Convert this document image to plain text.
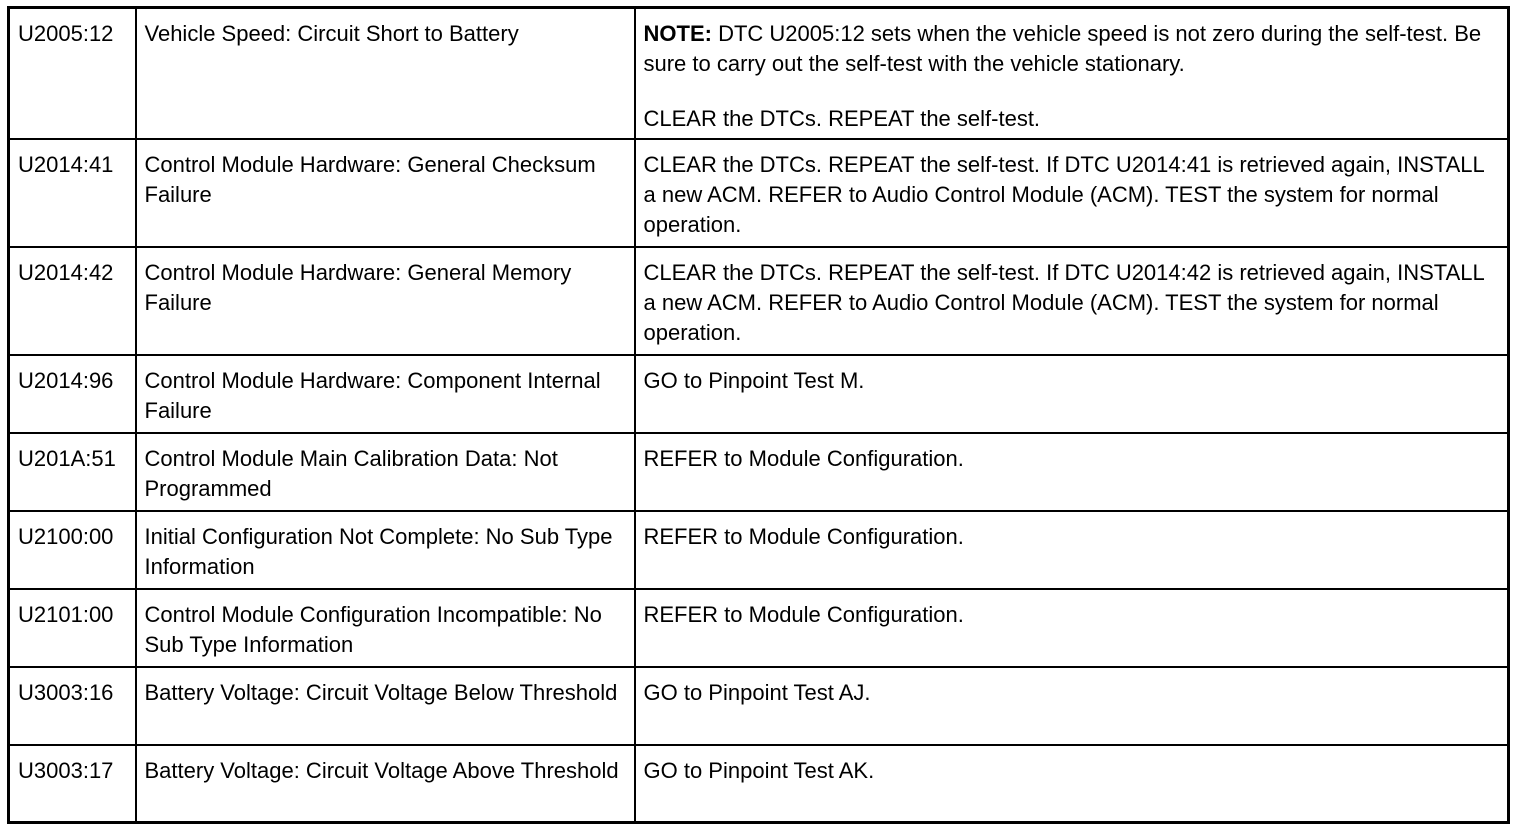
U2005:12	Vehicle Speed: Circuit Short to Battery	NOTE: DTC U2005:12 sets when the vehicle speed is not zero during the self-test. Be sure to carry out the self-test with the vehicle stationary.
CLEAR the DTCs. REPEAT the self-test.

U2014:41	Control Module Hardware: General Checksum Failure	CLEAR the DTCs. REPEAT the self-test. If DTC U2014:41 is retrieved again, INSTALL a new ACM. REFER to Audio Control Module (ACM). TEST the system for normal operation.
U2014:42	Control Module Hardware: General Memory Failure	CLEAR the DTCs. REPEAT the self-test. If DTC U2014:42 is retrieved again, INSTALL a new ACM. REFER to Audio Control Module (ACM). TEST the system for normal operation.
U2014:96	Control Module Hardware: Component Internal Failure	GO to Pinpoint Test M.
U201A:51	Control Module Main Calibration Data: Not Programmed	REFER to Module Configuration.
U2100:00	Initial Configuration Not Complete: No Sub Type Information	REFER to Module Configuration.
U2101:00	Control Module Configuration Incompatible: No Sub Type Information	REFER to Module Configuration.
U3003:16	Battery Voltage: Circuit Voltage Below Threshold	GO to Pinpoint Test AJ.
U3003:17	Battery Voltage: Circuit Voltage Above Threshold	GO to Pinpoint Test AK.
